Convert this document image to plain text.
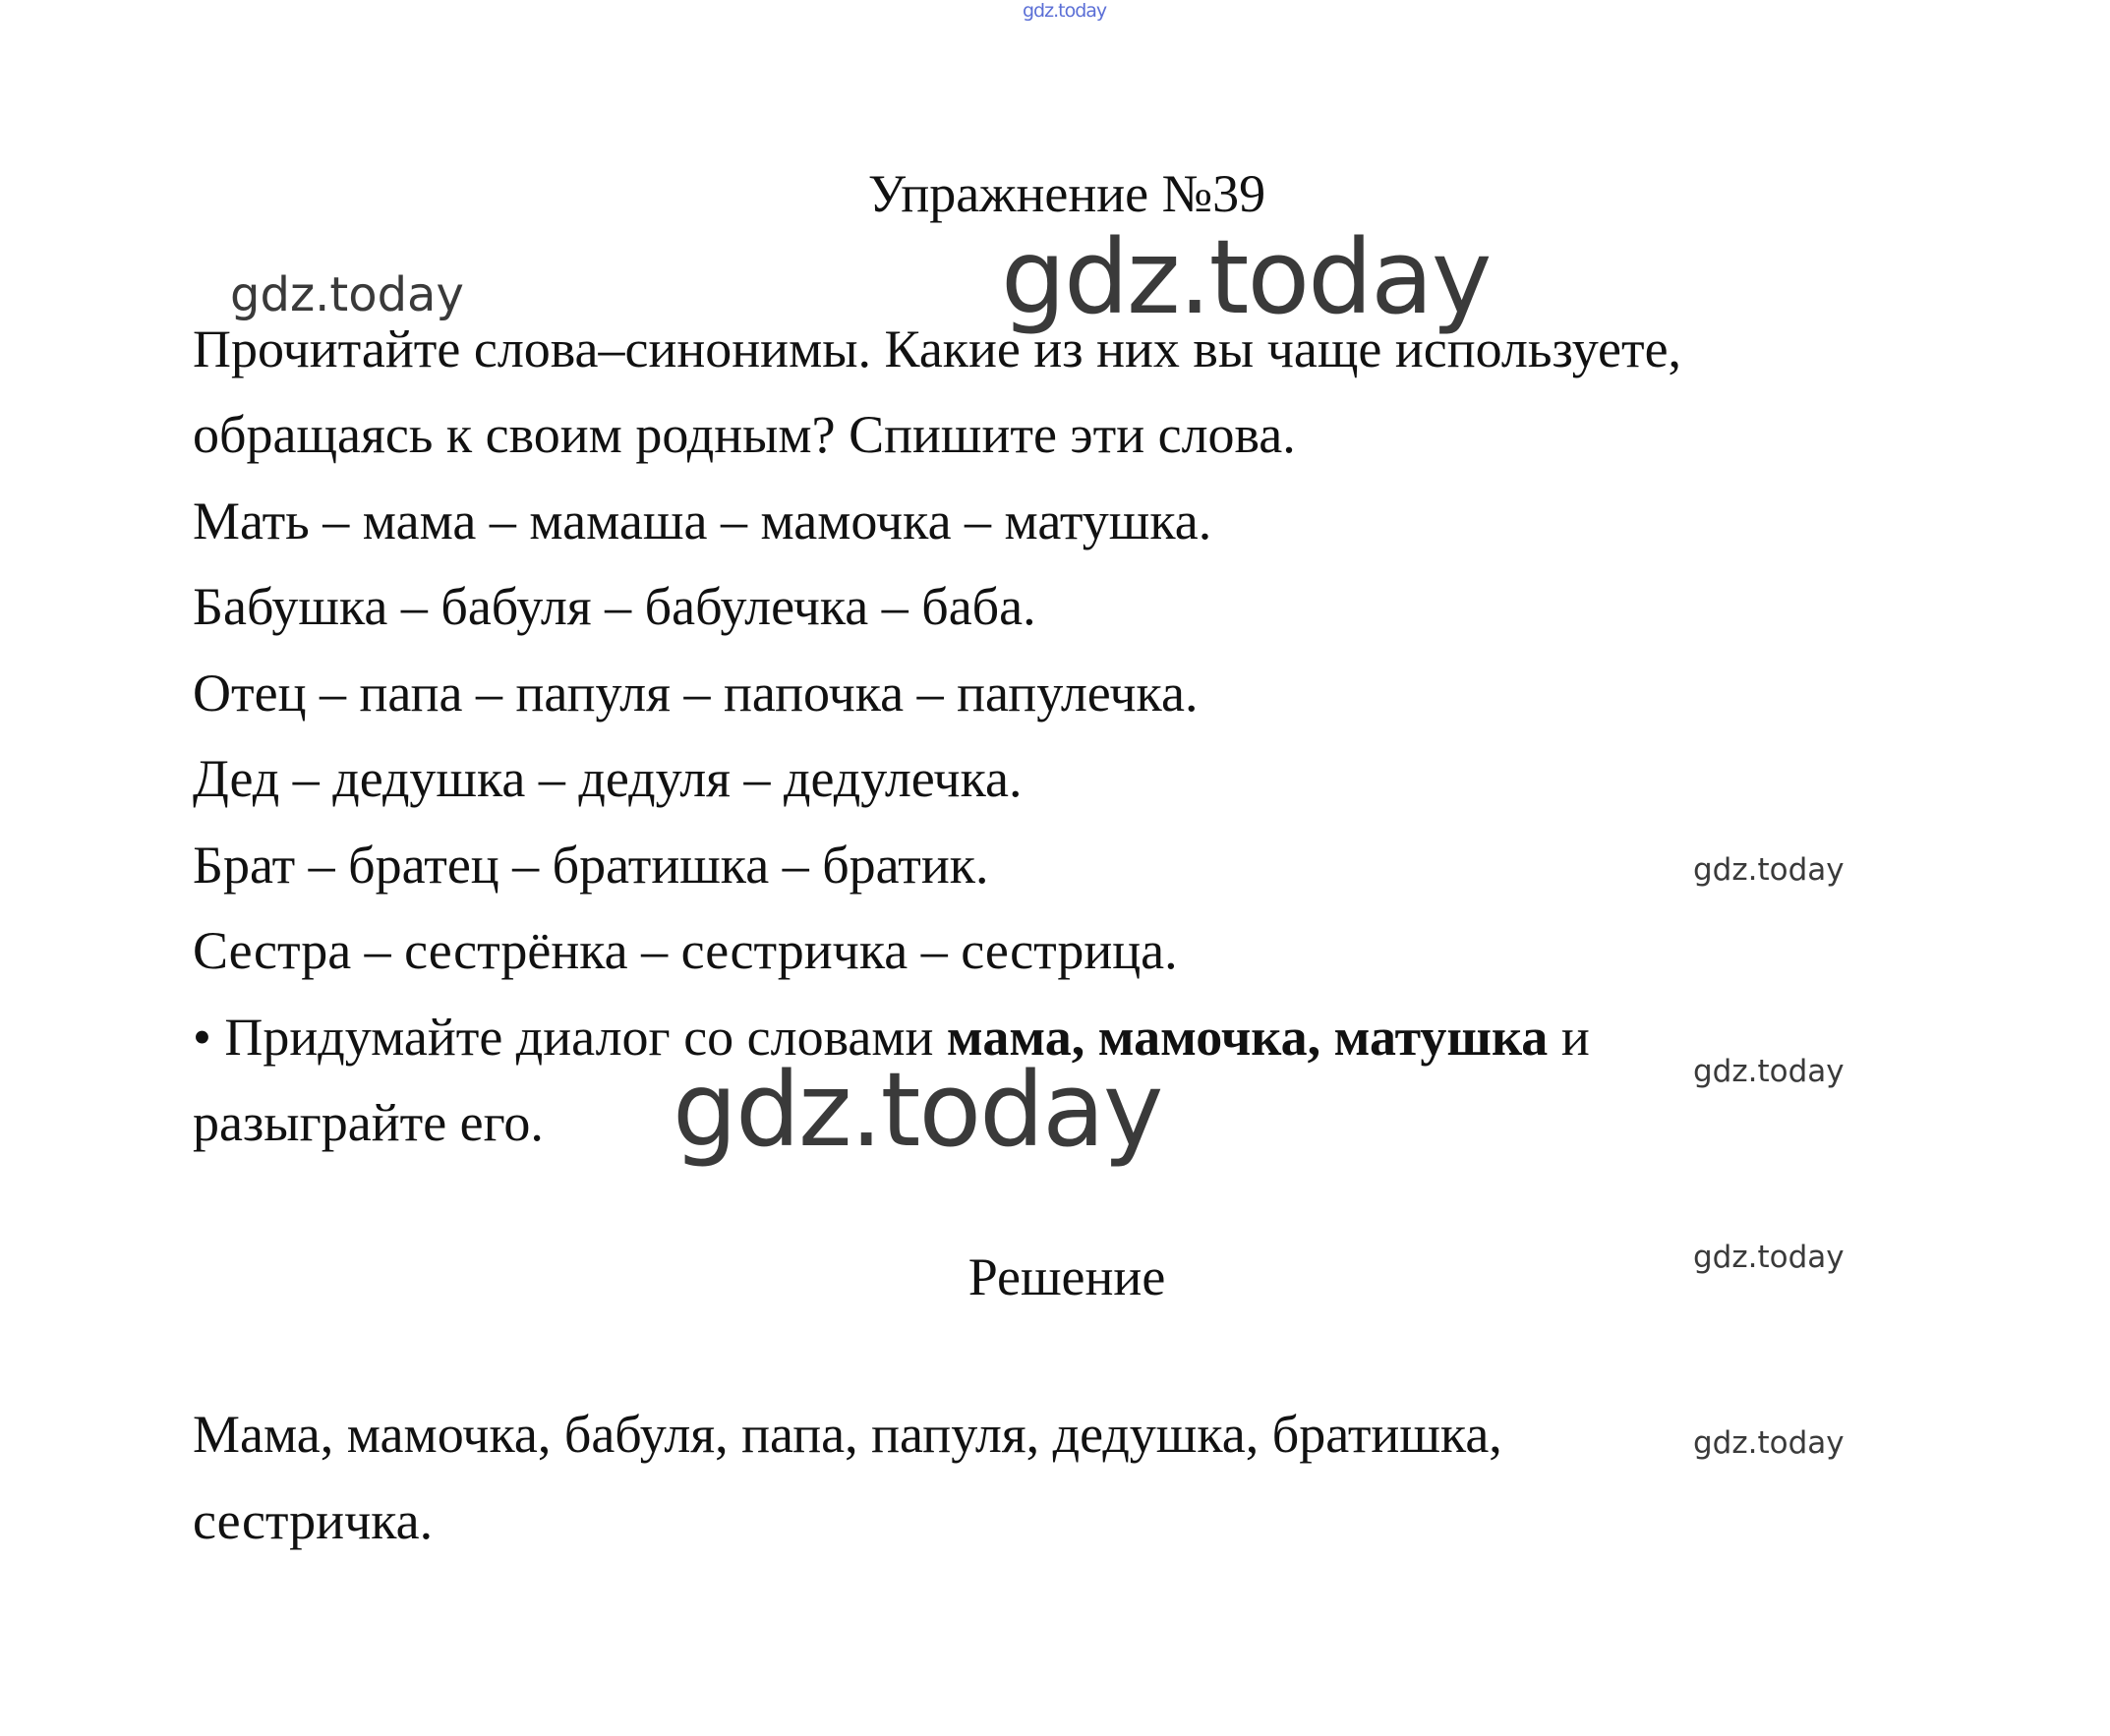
gdz.today
gdz.today	gdz.today
gdz.today
gdz.today
gdz.today
gdz.today
gdz.today
Упражнение №39
Прочитайте слова–синонимы. Какие из них вы чаще используете,
обращаясь к своим родным? Спишите эти слова.
Мать – мама – мамаша – мамочка – матушка.
Бабушка – бабуля – бабулечка – баба.
Отец – папа – папуля – папочка – папулечка.
Дед – дедушка – дедуля – дедулечка.
Брат – братец – братишка – братик.
Сестра – сестрёнка – сестричка – сестрица.
• Придумайте диалог со словами мама, мамочка, матушка и
разыграйте его.
Решение
Мама, мамочка, бабуля, папа, папуля, дедушка, братишка,
сестричка.
